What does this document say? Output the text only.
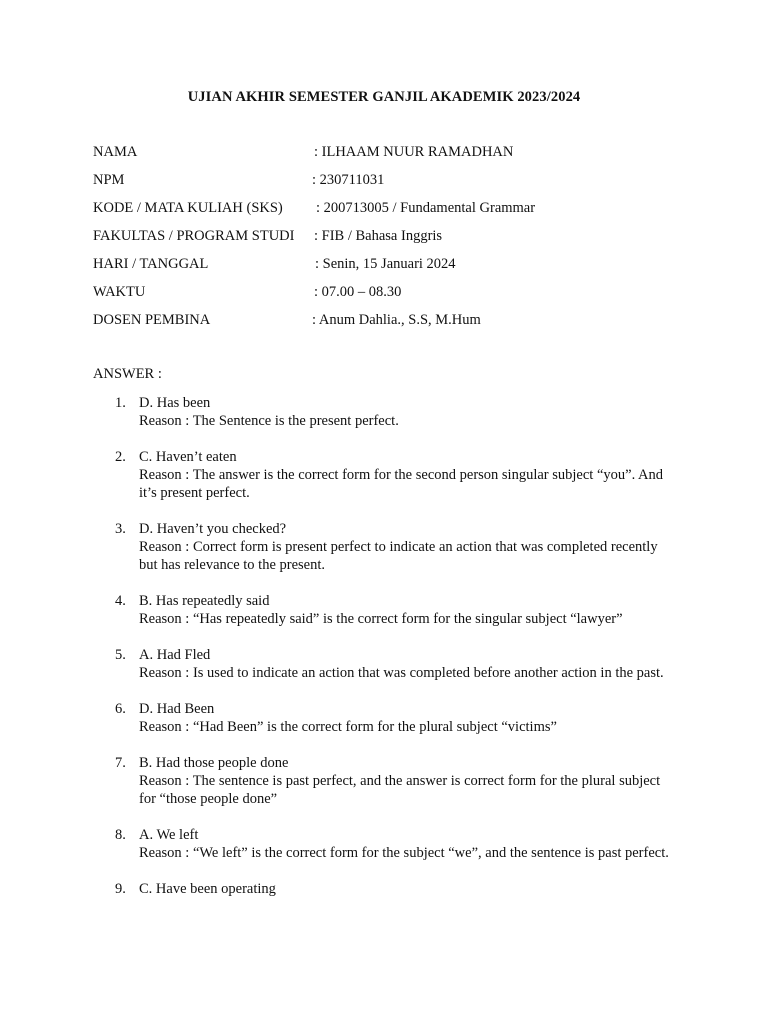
UJIAN AKHIR SEMESTER GANJIL AKADEMIK 2023/2024
NAMA	: ILHAAM NUUR RAMADHAN
NPM	: 230711031
KODE / MATA KULIAH (SKS) : 200713005 / Fundamental Grammar
FAKULTAS / PROGRAM STUDI : FIB / Bahasa Inggris
HARI / TANGGAL	: Senin, 15 Januari 2024
WAKTU	: 07.00 – 08.30
DOSEN PEMBINA	: Anum Dahlia., S.S, M.Hum
ANSWER :
1. D. Has been
Reason : The Sentence is the present perfect.
2. C. Haven’t eaten
Reason : The answer is the correct form for the second person singular subject “you”. And it’s present perfect.
3. D. Haven’t you checked?
Reason : Correct form is present perfect to indicate an action that was completed recently but has relevance to the present.
4. B. Has repeatedly said
Reason : “Has repeatedly said” is the correct form for the singular subject “lawyer”
5. A. Had Fled
Reason : Is used to indicate an action that was completed before another action in the past.
6. D. Had Been
Reason : “Had Been” is the correct form for the plural subject “victims”
7. B. Had those people done
Reason : The sentence is past perfect, and the answer is correct form for the plural subject for “those people done”
8. A. We left
Reason : “We left” is the correct form for the subject “we”, and the sentence is past perfect.
9. C. Have been operating
